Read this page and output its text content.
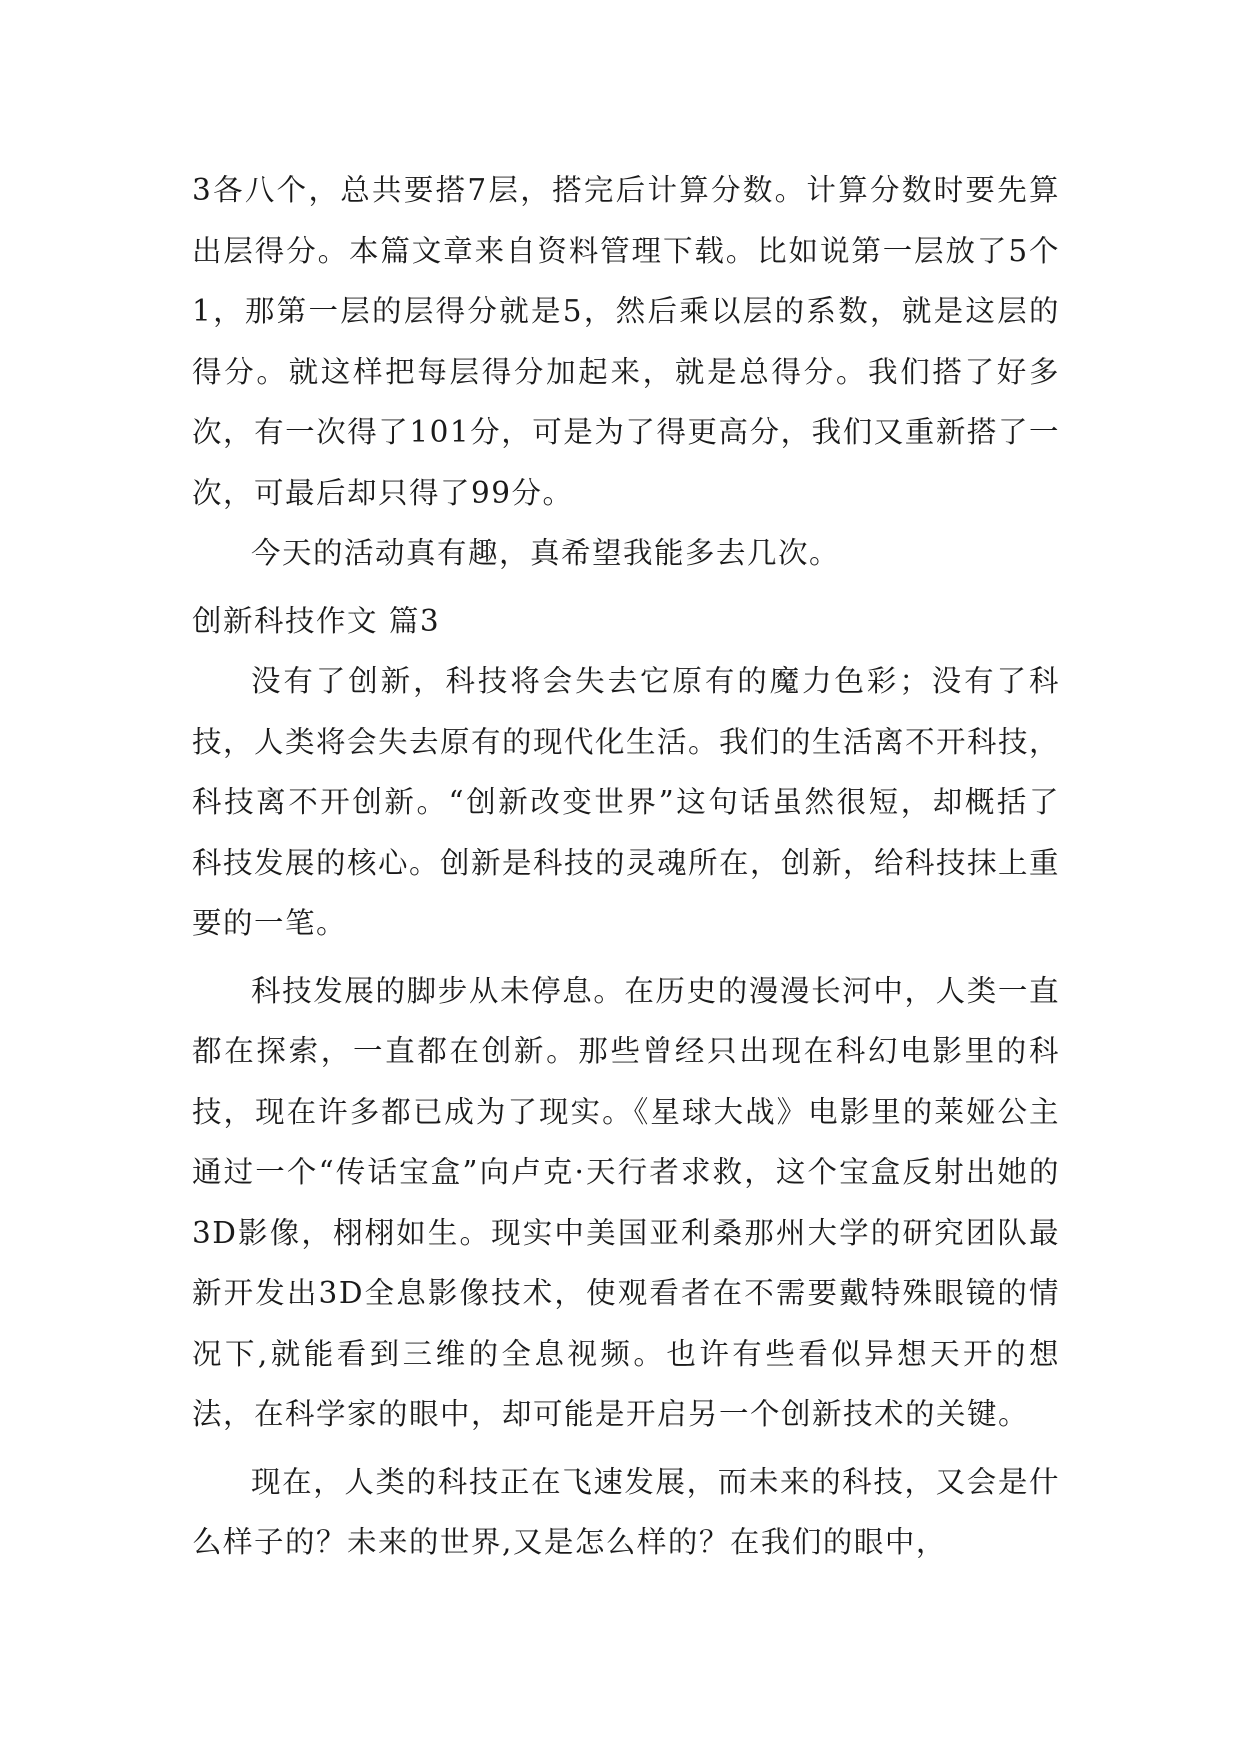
3各八个，总共要搭7层，搭完后计算分数。计算分数时要先算出层得分。本篇文章来自资料管理下载。比如说第一层放了5个1，那第一层的层得分就是5，然后乘以层的系数，就是这层的得分。就这样把每层得分加起来，就是总得分。我们搭了好多次，有一次得了101分，可是为了得更高分，我们又重新搭了一次，可最后却只得了99分。

今天的活动真有趣，真希望我能多去几次。

创新科技作文 篇3

没有了创新，科技将会失去它原有的魔力色彩；没有了科技，人类将会失去原有的现代化生活。我们的生活离不开科技，科技离不开创新。“创新改变世界”这句话虽然很短，却概括了科技发展的核心。创新是科技的灵魂所在，创新，给科技抹上重要的一笔。

科技发展的脚步从未停息。在历史的漫漫长河中，人类一直都在探索，一直都在创新。那些曾经只出现在科幻电影里的科技，现在许多都已成为了现实。《星球大战》电影里的莱娅公主通过一个“传话宝盒”向卢克·天行者求救，这个宝盒反射出她的3D影像，栩栩如生。现实中美国亚利桑那州大学的研究团队最新开发出3D全息影像技术，使观看者在不需要戴特殊眼镜的情况下,就能看到三维的全息视频。也许有些看似异想天开的想法，在科学家的眼中，却可能是开启另一个创新技术的关键。

现在，人类的科技正在飞速发展，而未来的科技，又会是什么样子的？未来的世界,又是怎么样的？在我们的眼中，
